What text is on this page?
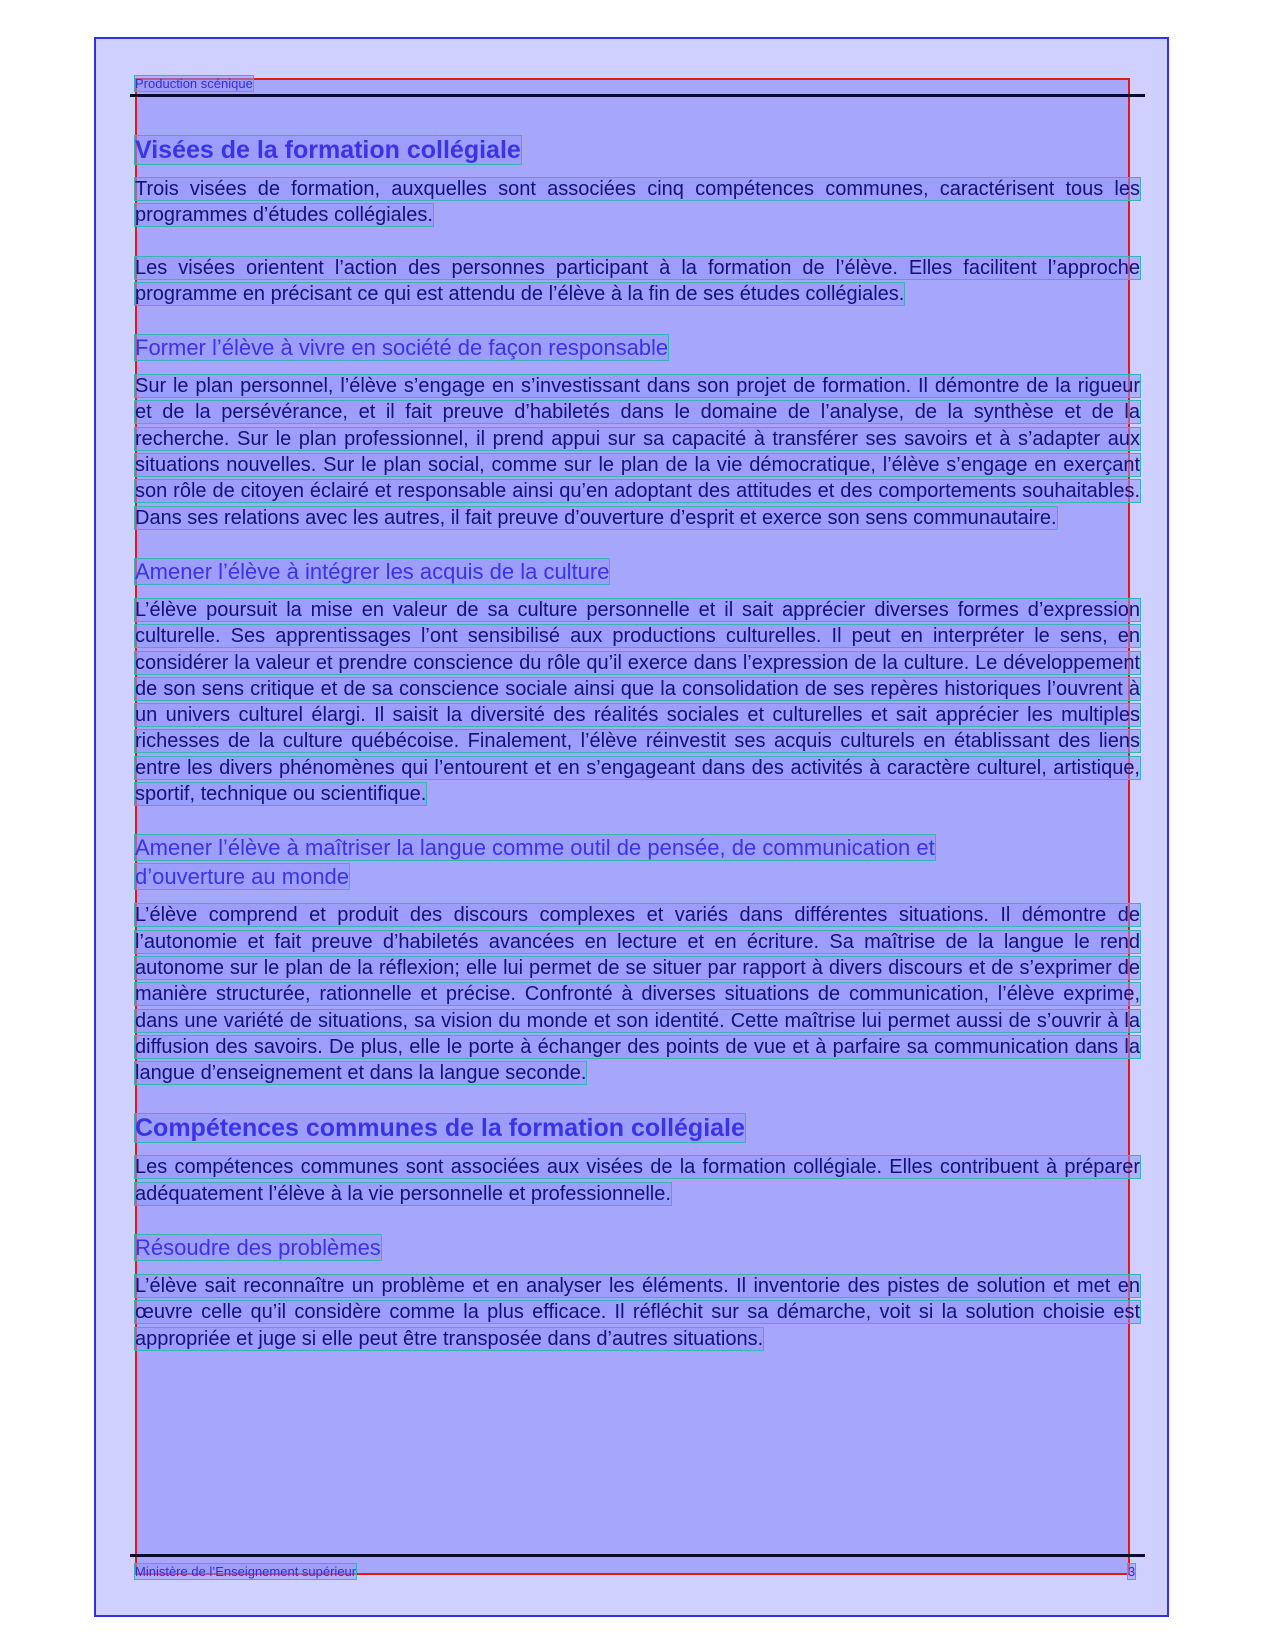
Production scénique
Visées de la formation collégiale

Trois visées de formation, auxquelles sont associées cinq compétences communes, caractérisent tous les programmes d’études collégiales.

Les visées orientent l’action des personnes participant à la formation de l’élève. Elles facilitent l’approche programme en précisant ce qui est attendu de l’élève à la fin de ses études collégiales.

Former l’élève à vivre en société de façon responsable

Sur le plan personnel, l’élève s’engage en s’investissant dans son projet de formation. Il démontre de la rigueur et de la persévérance, et il fait preuve d’habiletés dans le domaine de l’analyse, de la synthèse et de la recherche. Sur le plan professionnel, il prend appui sur sa capacité à transférer ses savoirs et à s’adapter aux situations nouvelles. Sur le plan social, comme sur le plan de la vie démocratique, l’élève s’engage en exerçant son rôle de citoyen éclairé et responsable ainsi qu’en adoptant des attitudes et des comportements souhaitables. Dans ses relations avec les autres, il fait preuve d’ouverture d’esprit et exerce son sens communautaire.

Amener l’élève à intégrer les acquis de la culture

L’élève poursuit la mise en valeur de sa culture personnelle et il sait apprécier diverses formes d’expression culturelle. Ses apprentissages l’ont sensibilisé aux productions culturelles. Il peut en interpréter le sens, en considérer la valeur et prendre conscience du rôle qu’il exerce dans l’expression de la culture. Le développement de son sens critique et de sa conscience sociale ainsi que la consolidation de ses repères historiques l’ouvrent à un univers culturel élargi. Il saisit la diversité des réalités sociales et culturelles et sait apprécier les multiples richesses de la culture québécoise. Finalement, l’élève réinvestit ses acquis culturels en établissant des liens entre les divers phénomènes qui l’entourent et en s’engageant dans des activités à caractère culturel, artistique, sportif, technique ou scientifique.

Amener l’élève à maîtriser la langue comme outil de pensée, de communication et d’ouverture au monde

L’élève comprend et produit des discours complexes et variés dans différentes situations. Il démontre de l’autonomie et fait preuve d’habiletés avancées en lecture et en écriture. Sa maîtrise de la langue le rend autonome sur le plan de la réflexion; elle lui permet de se situer par rapport à divers discours et de s’exprimer de manière structurée, rationnelle et précise. Confronté à diverses situations de communication, l’élève exprime, dans une variété de situations, sa vision du monde et son identité. Cette maîtrise lui permet aussi de s’ouvrir à la diffusion des savoirs. De plus, elle le porte à échanger des points de vue et à parfaire sa communication dans la langue d’enseignement et dans la langue seconde.

Compétences communes de la formation collégiale

Les compétences communes sont associées aux visées de la formation collégiale. Elles contribuent à préparer adéquatement l’élève à la vie personnelle et professionnelle.

Résoudre des problèmes

L’élève sait reconnaître un problème et en analyser les éléments. Il inventorie des pistes de solution et met en œuvre celle qu’il considère comme la plus efficace. Il réfléchit sur sa démarche, voit si la solution choisie est appropriée et juge si elle peut être transposée dans d’autres situations.

Ministère de l’Enseignement supérieur	3
